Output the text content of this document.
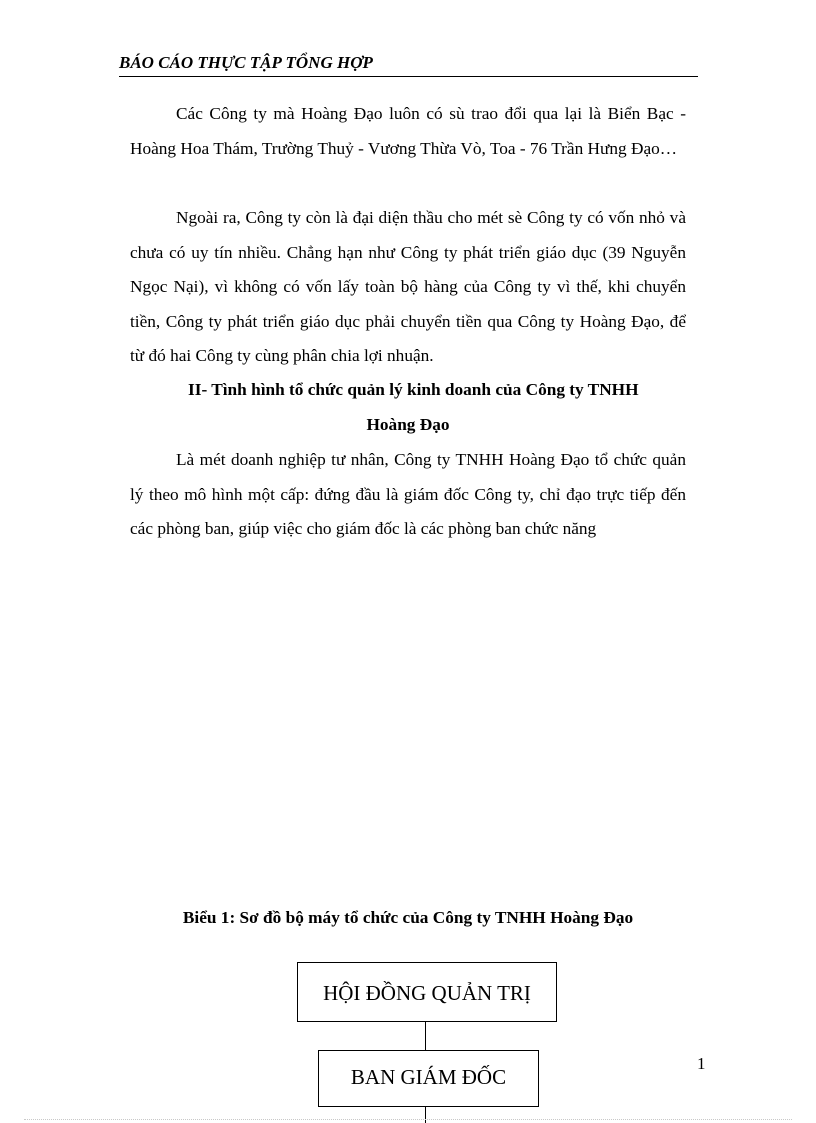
BÁO CÁO THỰC TẬP TỔNG HỢP

Các Công ty mà Hoàng Đạo luôn có sù trao đổi qua lại là Biển Bạc - Hoàng Hoa Thám, Trường Thuỷ - Vương Thừa Vò, Toa - 76 Trần Hưng Đạo…

Ngoài ra, Công ty còn là đại diện thầu cho mét sè Công ty có vốn nhỏ và chưa có uy tín nhiều. Chẳng hạn như Công ty phát triển giáo dục (39 Nguyễn Ngọc Nại), vì không có vốn lấy toàn bộ hàng của Công ty vì thế, khi chuyển tiền, Công ty phát triển giáo dục phải chuyển tiền qua Công ty Hoàng Đạo, để từ đó hai Công ty cùng phân chia lợi nhuận.

II- Tình hình tổ chức quản lý kinh doanh của Công ty TNHH
Hoàng Đạo

Là mét doanh nghiệp tư nhân, Công ty TNHH Hoàng Đạo tổ chức quản lý theo mô hình một cấp: đứng đầu là giám đốc Công ty, chỉ đạo trực tiếp đến các phòng ban, giúp việc cho giám đốc là các phòng ban chức năng

Biểu 1: Sơ đồ bộ máy tổ chức của Công ty TNHH Hoàng Đạo
HỘI ĐỒNG QUẢN TRỊ
BAN GIÁM ĐỐC
1
